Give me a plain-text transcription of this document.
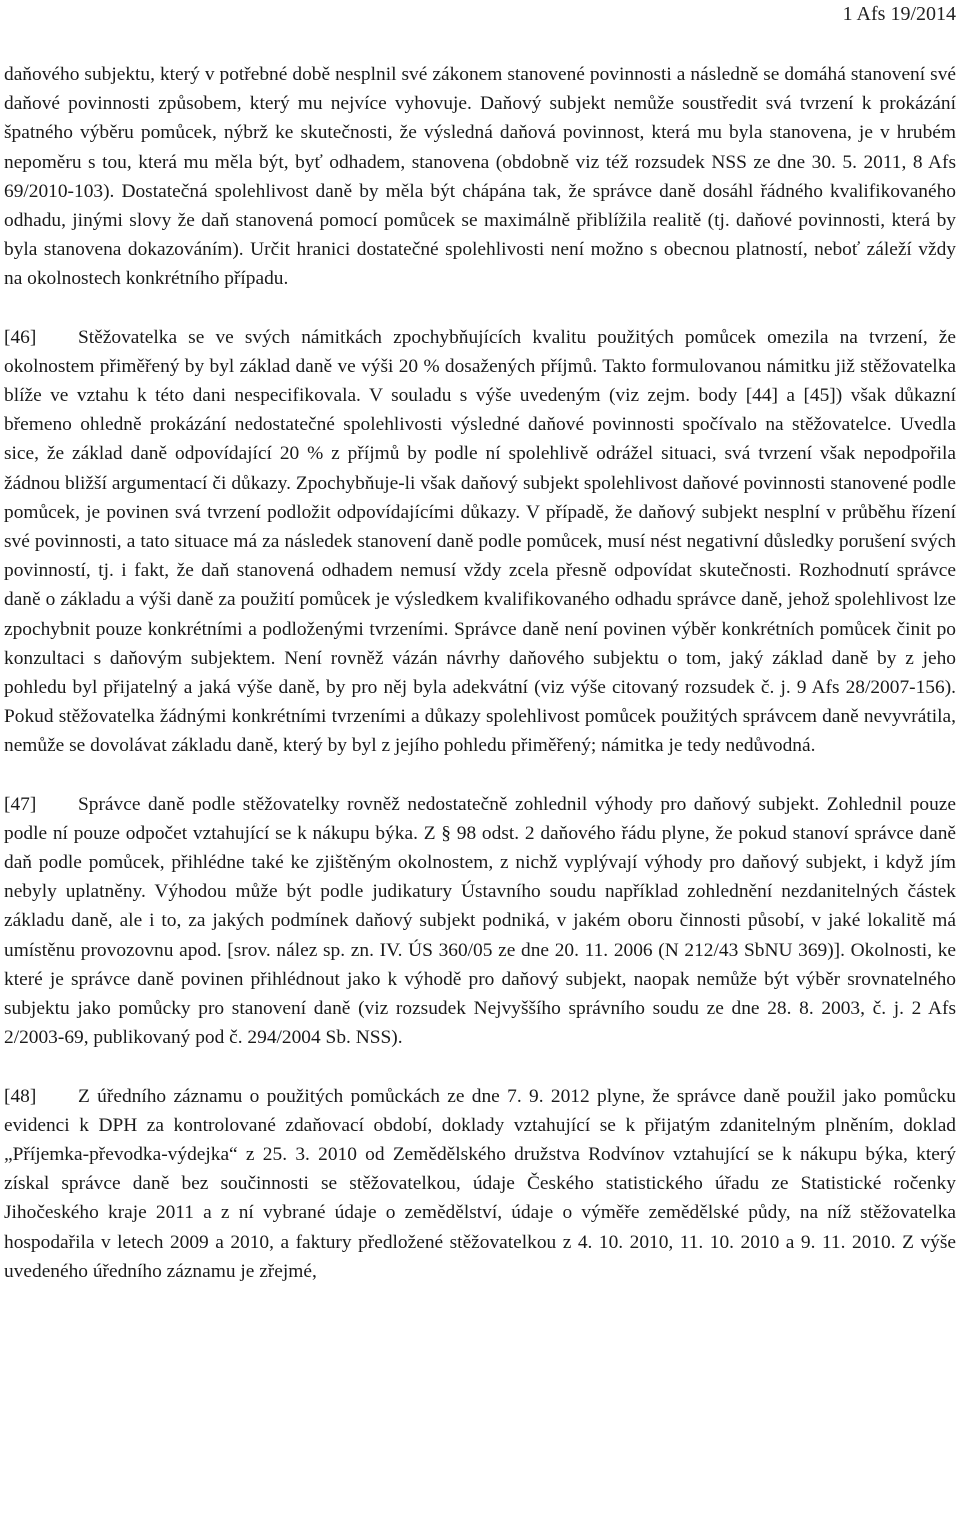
1 Afs 19/2014

daňového subjektu, který v potřebné době nesplnil své zákonem stanovené povinnosti a následně se domáhá stanovení své daňové povinnosti způsobem, který mu nejvíce vyhovuje. Daňový subjekt nemůže soustředit svá tvrzení k prokázání špatného výběru pomůcek, nýbrž ke skutečnosti, že výsledná daňová povinnost, která mu byla stanovena, je v hrubém nepoměru s tou, která mu měla být, byť odhadem, stanovena (obdobně viz též rozsudek NSS ze dne 30. 5. 2011, 8 Afs 69/2010-103). Dostatečná spolehlivost daně by měla být chápána tak, že správce daně dosáhl řádného kvalifikovaného odhadu, jinými slovy že daň stanovená pomocí pomůcek se maximálně přiblížila realitě (tj. daňové povinnosti, která by byla stanovena dokazováním). Určit hranici dostatečné spolehlivosti není možno s obecnou platností, neboť záleží vždy na okolnostech konkrétního případu.

[46] Stěžovatelka se ve svých námitkách zpochybňujících kvalitu použitých pomůcek omezila na tvrzení, že okolnostem přiměřený by byl základ daně ve výši 20 % dosažených příjmů. Takto formulovanou námitku již stěžovatelka blíže ve vztahu k této dani nespecifikovala. V souladu s výše uvedeným (viz zejm. body [44] a [45]) však důkazní břemeno ohledně prokázání nedostatečné spolehlivosti výsledné daňové povinnosti spočívalo na stěžovatelce. Uvedla sice, že základ daně odpovídající 20 % z příjmů by podle ní spolehlivě odrážel situaci, svá tvrzení však nepodpořila žádnou bližší argumentací či důkazy. Zpochybňuje-li však daňový subjekt spolehlivost daňové povinnosti stanovené podle pomůcek, je povinen svá tvrzení podložit odpovídajícími důkazy. V případě, že daňový subjekt nesplní v průběhu řízení své povinnosti, a tato situace má za následek stanovení daně podle pomůcek, musí nést negativní důsledky porušení svých povinností, tj. i fakt, že daň stanovená odhadem nemusí vždy zcela přesně odpovídat skutečnosti. Rozhodnutí správce daně o základu a výši daně za použití pomůcek je výsledkem kvalifikovaného odhadu správce daně, jehož spolehlivost lze zpochybnit pouze konkrétními a podloženými tvrzeními. Správce daně není povinen výběr konkrétních pomůcek činit po konzultaci s daňovým subjektem. Není rovněž vázán návrhy daňového subjektu o tom, jaký základ daně by z jeho pohledu byl přijatelný a jaká výše daně, by pro něj byla adekvátní (viz výše citovaný rozsudek č. j. 9 Afs 28/2007-156). Pokud stěžovatelka žádnými konkrétními tvrzeními a důkazy spolehlivost pomůcek použitých správcem daně nevyvrátila, nemůže se dovolávat základu daně, který by byl z jejího pohledu přiměřený; námitka je tedy nedůvodná.

[47] Správce daně podle stěžovatelky rovněž nedostatečně zohlednil výhody pro daňový subjekt. Zohlednil pouze podle ní pouze odpočet vztahující se k nákupu býka. Z § 98 odst. 2 daňového řádu plyne, že pokud stanoví správce daně daň podle pomůcek, přihlédne také ke zjištěným okolnostem, z nichž vyplývají výhody pro daňový subjekt, i když jím nebyly uplatněny. Výhodou může být podle judikatury Ústavního soudu například zohlednění nezdanitelných částek základu daně, ale i to, za jakých podmínek daňový subjekt podniká, v jakém oboru činnosti působí, v jaké lokalitě má umístěnu provozovnu apod. [srov. nález sp. zn. IV. ÚS 360/05 ze dne 20. 11. 2006 (N 212/43 SbNU 369)]. Okolnosti, ke které je správce daně povinen přihlédnout jako k výhodě pro daňový subjekt, naopak nemůže být výběr srovnatelného subjektu jako pomůcky pro stanovení daně (viz rozsudek Nejvyššího správního soudu ze dne 28. 8. 2003, č. j. 2 Afs 2/2003-69, publikovaný pod č. 294/2004 Sb. NSS).

[48] Z úředního záznamu o použitých pomůckách ze dne 7. 9. 2012 plyne, že správce daně použil jako pomůcku evidenci k DPH za kontrolované zdaňovací období, doklady vztahující se k přijatým zdanitelným plněním, doklad „Příjemka-převodka-výdejka“ z 25. 3. 2010 od Zemědělského družstva Rodvínov vztahující se k nákupu býka, který získal správce daně bez součinnosti se stěžovatelkou, údaje Českého statistického úřadu ze Statistické ročenky Jihočeského kraje 2011 a z ní vybrané údaje o zemědělství, údaje o výměře zemědělské půdy, na níž stěžovatelka hospodařila v letech 2009 a 2010, a faktury předložené stěžovatelkou z 4. 10. 2010, 11. 10. 2010 a 9. 11. 2010. Z výše uvedeného úředního záznamu je zřejmé,
